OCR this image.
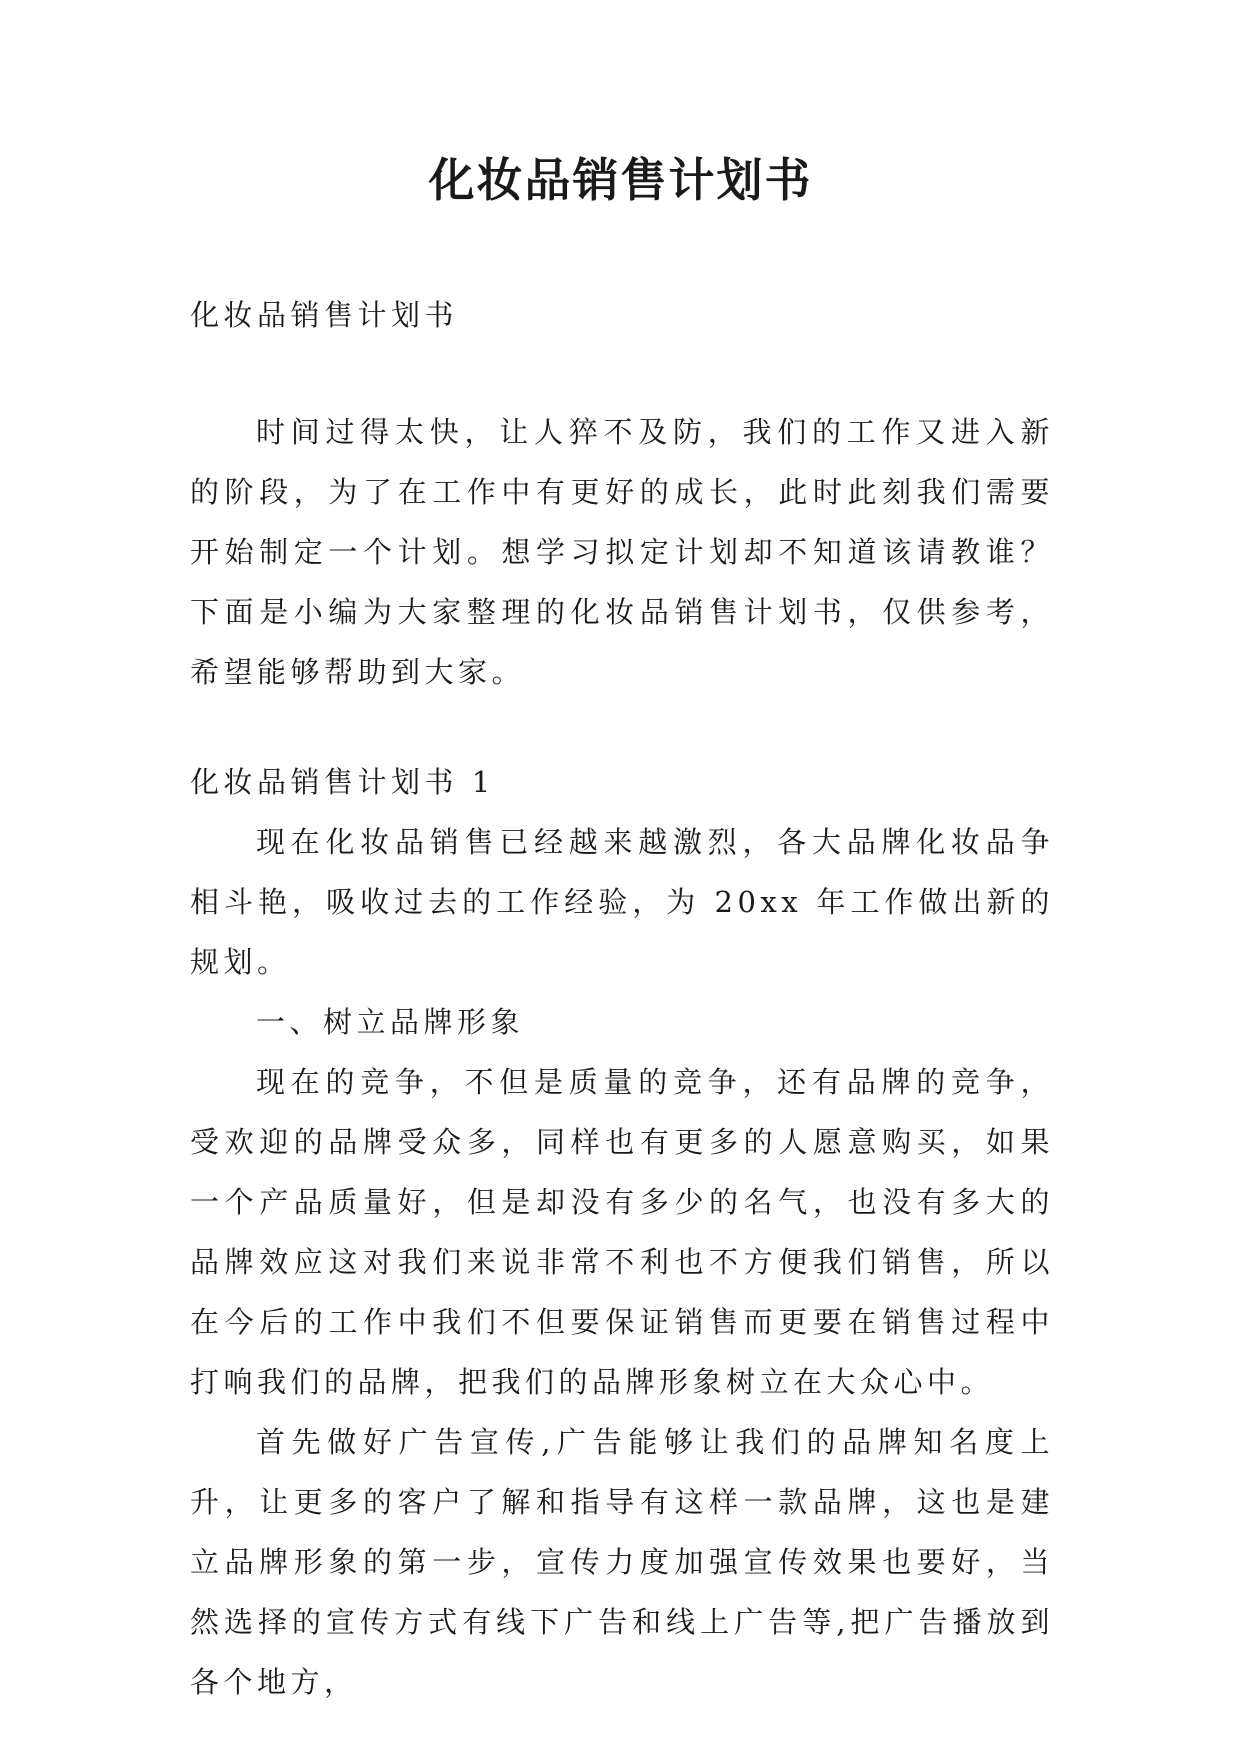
化妆品销售计划书
化妆品销售计划书
时间过得太快，让人猝不及防，我们的工作又进入新的阶段，为了在工作中有更好的成长，此时此刻我们需要开始制定一个计划。想学习拟定计划却不知道该请教谁？下面是小编为大家整理的化妆品销售计划书，仅供参考，希望能够帮助到大家。
化妆品销售计划书 1

现在化妆品销售已经越来越激烈，各大品牌化妆品争相斗艳，吸收过去的工作经验，为 20xx 年工作做出新的规划。

一、树立品牌形象

现在的竞争，不但是质量的竞争，还有品牌的竞争，受欢迎的品牌受众多，同样也有更多的人愿意购买，如果一个产品质量好，但是却没有多少的名气，也没有多大的品牌效应这对我们来说非常不利也不方便我们销售，所以在今后的工作中我们不但要保证销售而更要在销售过程中打响我们的品牌，把我们的品牌形象树立在大众心中。

首先做好广告宣传,广告能够让我们的品牌知名度上升，让更多的客户了解和指导有这样一款品牌，这也是建立品牌形象的第一步，宣传力度加强宣传效果也要好，当然选择的宣传方式有线下广告和线上广告等,把广告播放到各个地方，
